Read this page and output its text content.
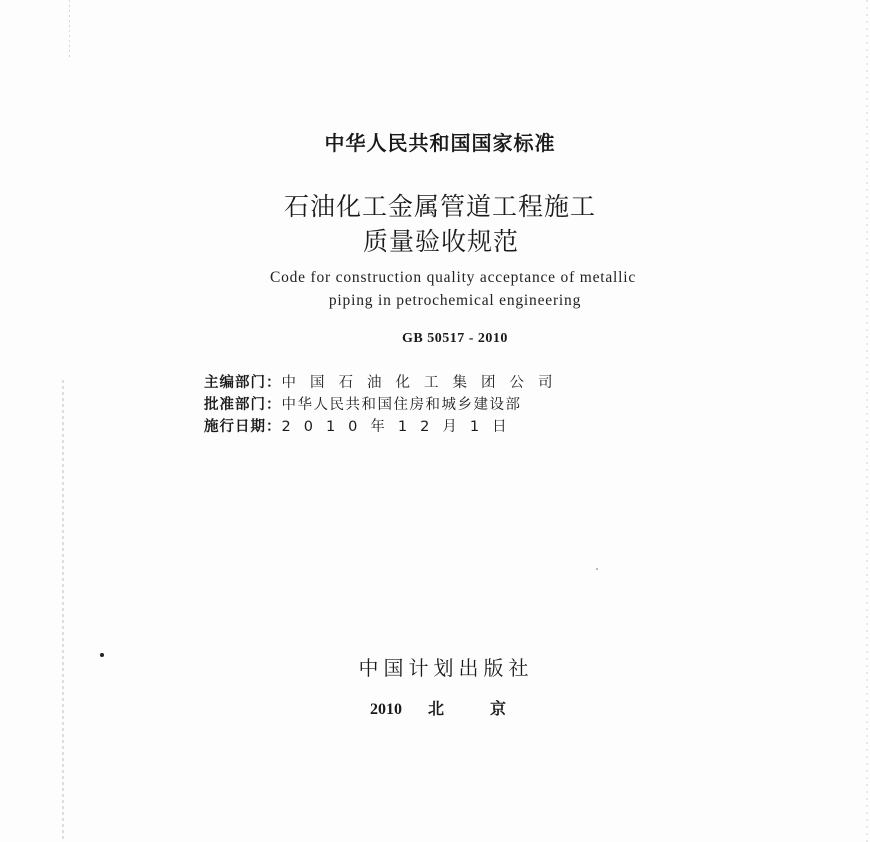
中华人民共和国国家标准
石油化工金属管道工程施工
质量验收规范
Code for construction quality acceptance of metallic
piping in petrochemical engineering
GB 50517 - 2010
主编部门： 中国石油化工集团公司
批准部门： 中华人民共和国住房和城乡建设部
施行日期： 2010年12月1日
中国计划出版社
2010 北京
